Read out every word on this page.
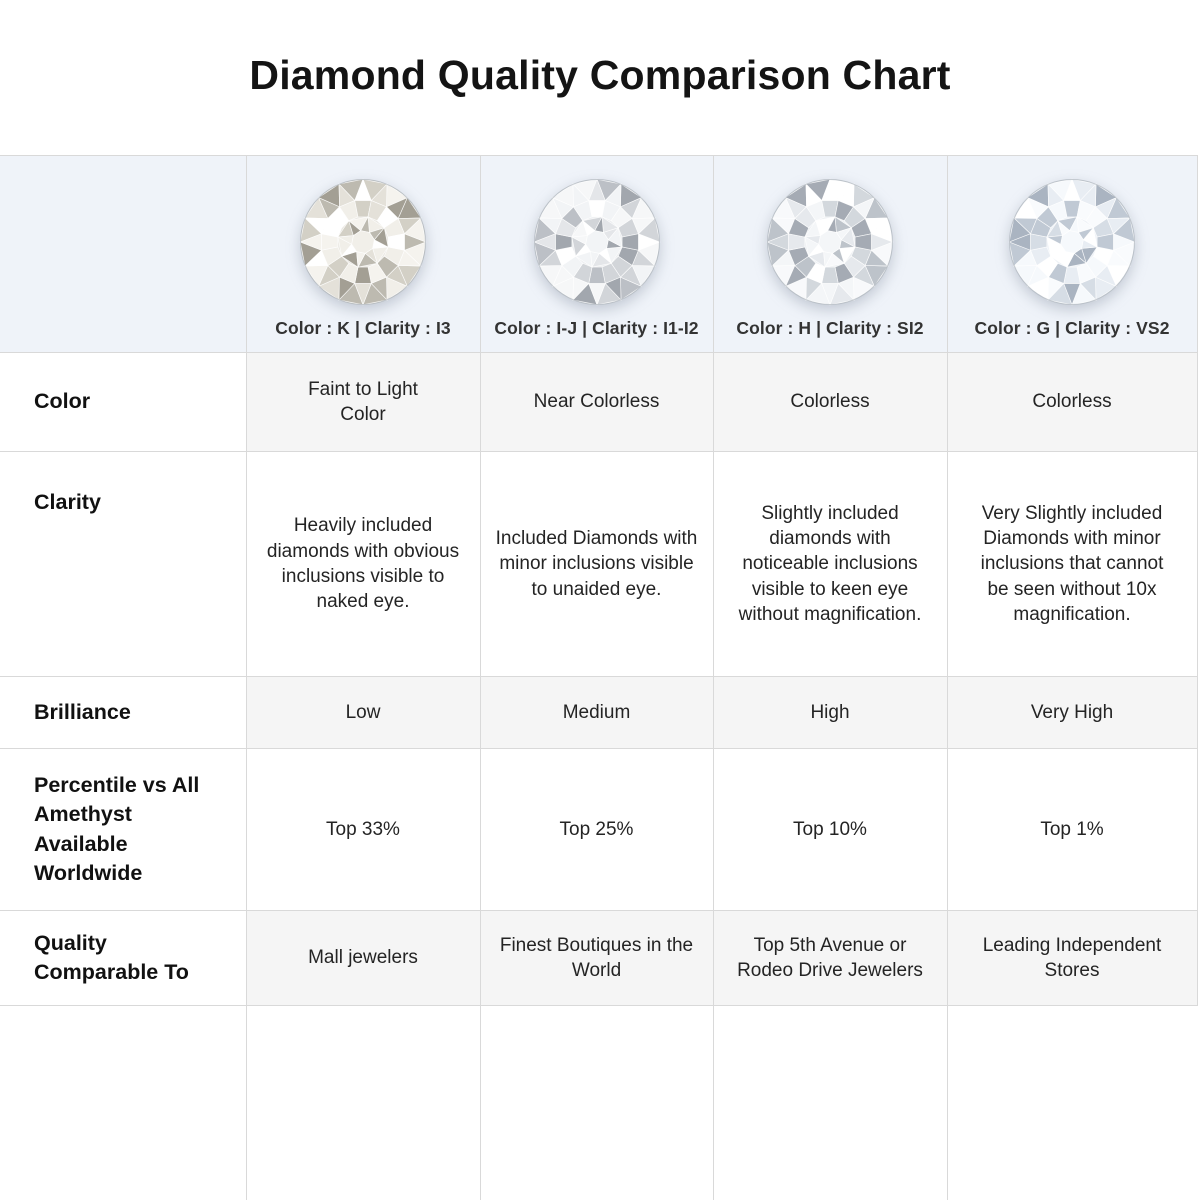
Diamond Quality Comparison Chart

	Color : K | Clarity : I3	Color : I-J | Clarity : I1-I2	Color : H | Clarity : SI2	Color : G | Clarity : VS2

Color	Faint to Light Color	Near Colorless	Colorless	Colorless

Clarity	Heavily included diamonds with obvious inclusions visible to naked eye.	Included Diamonds with minor inclusions visible to unaided eye.	Slightly included diamonds with noticeable inclusions visible to keen eye without magnification.	Very Slightly included Diamonds with minor inclusions that cannot be seen without 10x magnification.

Brilliance	Low	Medium	High	Very High

Percentile vs All Amethyst Available Worldwide	Top 33%	Top 25%	Top 10%	Top 1%

Quality Comparable To	Mall jewelers	Finest Boutiques in the World	Top 5th Avenue or Rodeo Drive Jewelers	Leading Independent Stores
